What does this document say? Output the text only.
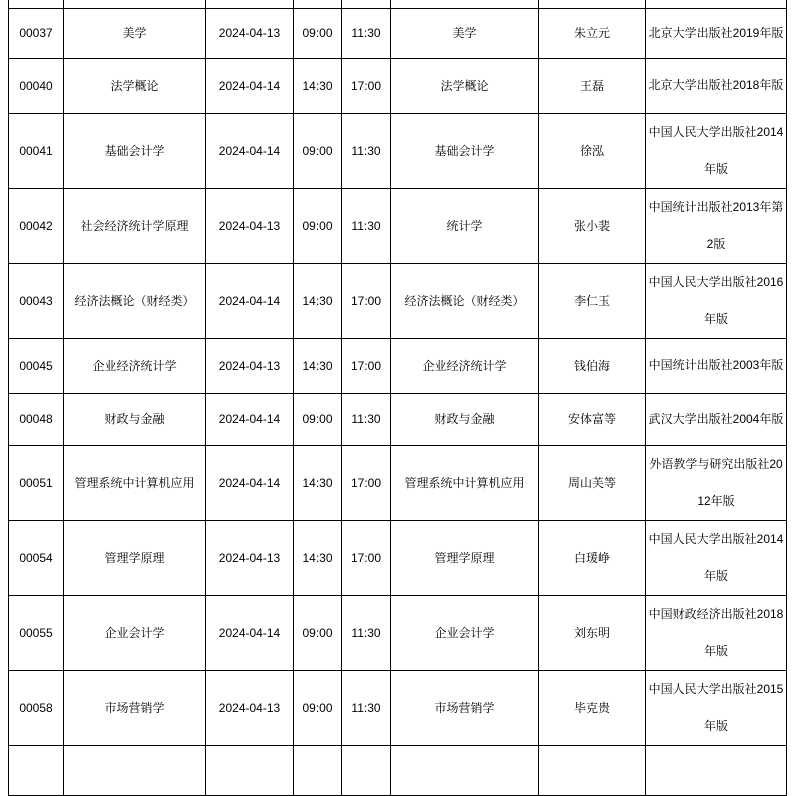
00037	美学	2024-04-13	09:00	11:30	美学	朱立元	北京大学出版社2019年版
00040	法学概论	2024-04-14	14:30	17:00	法学概论	王磊	北京大学出版社2018年版
00041	基础会计学	2024-04-14	09:00	11:30	基础会计学	徐泓	中国人民大学出版社2014年版
00042	社会经济统计学原理	2024-04-13	09:00	11:30	统计学	张小裴	中国统计出版社2013年第2版
00043	经济法概论（财经类）	2024-04-14	14:30	17:00	经济法概论（财经类）	李仁玉	中国人民大学出版社2016年版
00045	企业经济统计学	2024-04-13	14:30	17:00	企业经济统计学	钱伯海	中国统计出版社2003年版
00048	财政与金融	2024-04-14	09:00	11:30	财政与金融	安体富等	武汉大学出版社2004年版
00051	管理系统中计算机应用	2024-04-14	14:30	17:00	管理系统中计算机应用	周山芙等	外语教学与研究出版社2012年版
00054	管理学原理	2024-04-13	14:30	17:00	管理学原理	白瑗峥	中国人民大学出版社2014年版
00055	企业会计学	2024-04-14	09:00	11:30	企业会计学	刘东明	中国财政经济出版社2018年版
00058	市场营销学	2024-04-13	09:00	11:30	市场营销学	毕克贵	中国人民大学出版社2015年版
